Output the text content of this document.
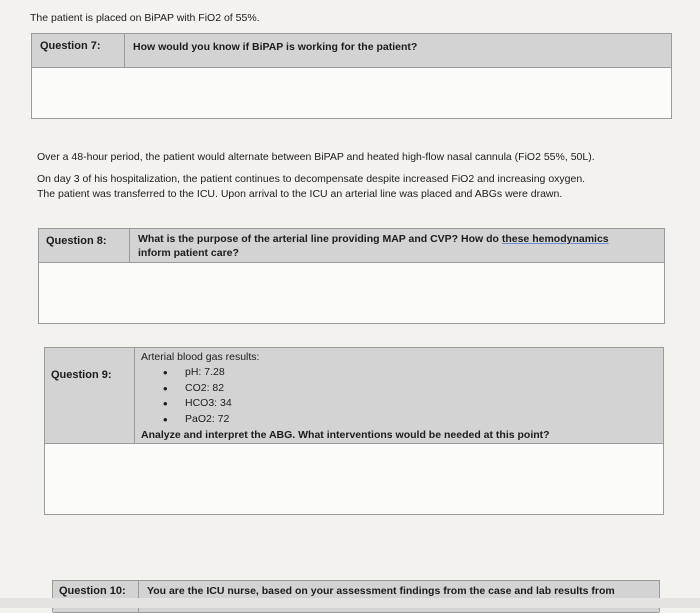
The patient is placed on BiPAP with FiO2 of 55%.
Question 7:	How would you know if BiPAP is working for the patient?
Over a 48-hour period, the patient would alternate between BiPAP and heated high-flow nasal cannula (FiO2 55%, 50L).
On day 3 of his hospitalization, the patient continues to decompensate despite increased FiO2 and increasing oxygen.
The patient was transferred to the ICU. Upon arrival to the ICU an arterial line was placed and ABGs were drawn.
Question 8:	What is the purpose of the arterial line providing MAP and CVP? How do these hemodynamics
inform patient care?
Question 9:
Arterial blood gas results:
• pH: 7.28
• CO2: 82
• HCO3: 34
• PaO2: 72
Analyze and interpret the ABG. What interventions would be needed at this point?
Question 10: You are the ICU nurse, based on your assessment findings from the case and lab results from
